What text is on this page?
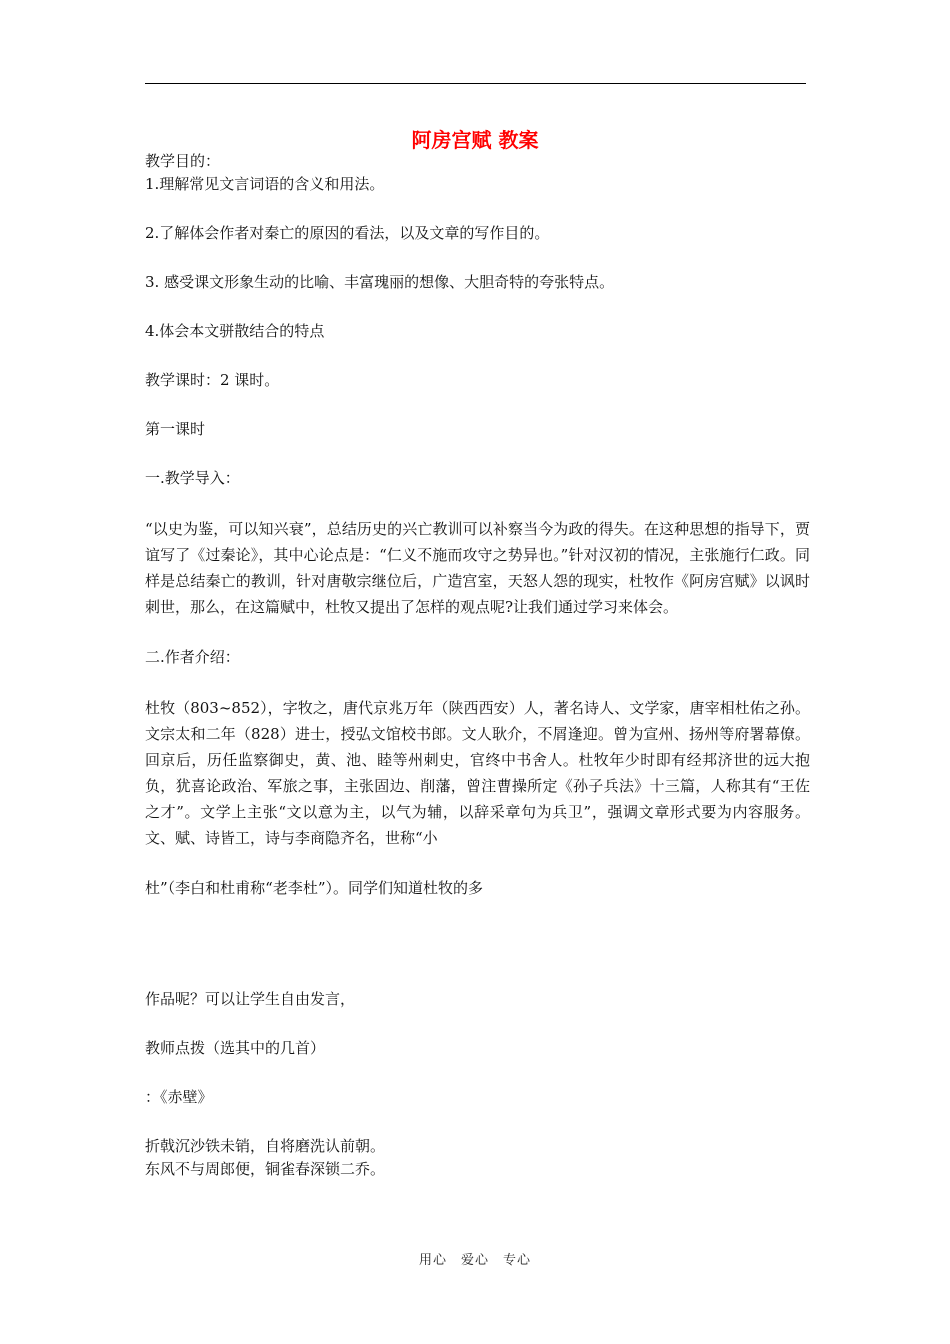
阿房宫赋 教案

教学目的：

1.理解常见文言词语的含义和用法。

2.了解体会作者对秦亡的原因的看法，以及文章的写作目的。

3. 感受课文形象生动的比喻、丰富瑰丽的想像、大胆奇特的夸张特点。

4.体会本文骈散结合的特点

教学课时：2 课时。

第一课时

一.教学导入：

“以史为鉴，可以知兴衰”，总结历史的兴亡教训可以补察当今为政的得失。在这种思想的指导下，贾谊写了《过秦论》，其中心论点是：“仁义不施而攻守之势异也。”针对汉初的情况，主张施行仁政。同样是总结秦亡的教训，针对唐敬宗继位后，广造宫室，天怒人怨的现实，杜牧作《阿房宫赋》以讽时刺世，那么，在这篇赋中，杜牧又提出了怎样的观点呢?让我们通过学习来体会。

二.作者介绍：

杜牧（803~852），字牧之，唐代京兆万年（陕西西安）人，著名诗人、文学家，唐宰相杜佑之孙。文宗太和二年（828）进士，授弘文馆校书郎。文人耿介，不屑逢迎。曾为宣州、扬州等府署幕僚。回京后，历任监察御史，黄、池、睦等州刺史，官终中书舍人。杜牧年少时即有经邦济世的远大抱负，犹喜论政治、军旅之事，主张固边、削藩，曾注曹操所定《孙子兵法》十三篇，人称其有“王佐之才”。文学上主张“文以意为主，以气为辅，以辞采章句为兵卫”，强调文章形式要为内容服务。文、赋、诗皆工，诗与李商隐齐名，世称“小

杜”（李白和杜甫称“老李杜”）。同学们知道杜牧的多

作品呢？可以让学生自由发言，

教师点拨（选其中的几首）

：《赤壁》

折戟沉沙铁未销，自将磨洗认前朝。

东风不与周郎便，铜雀春深锁二乔。

用心　爱心　专心
